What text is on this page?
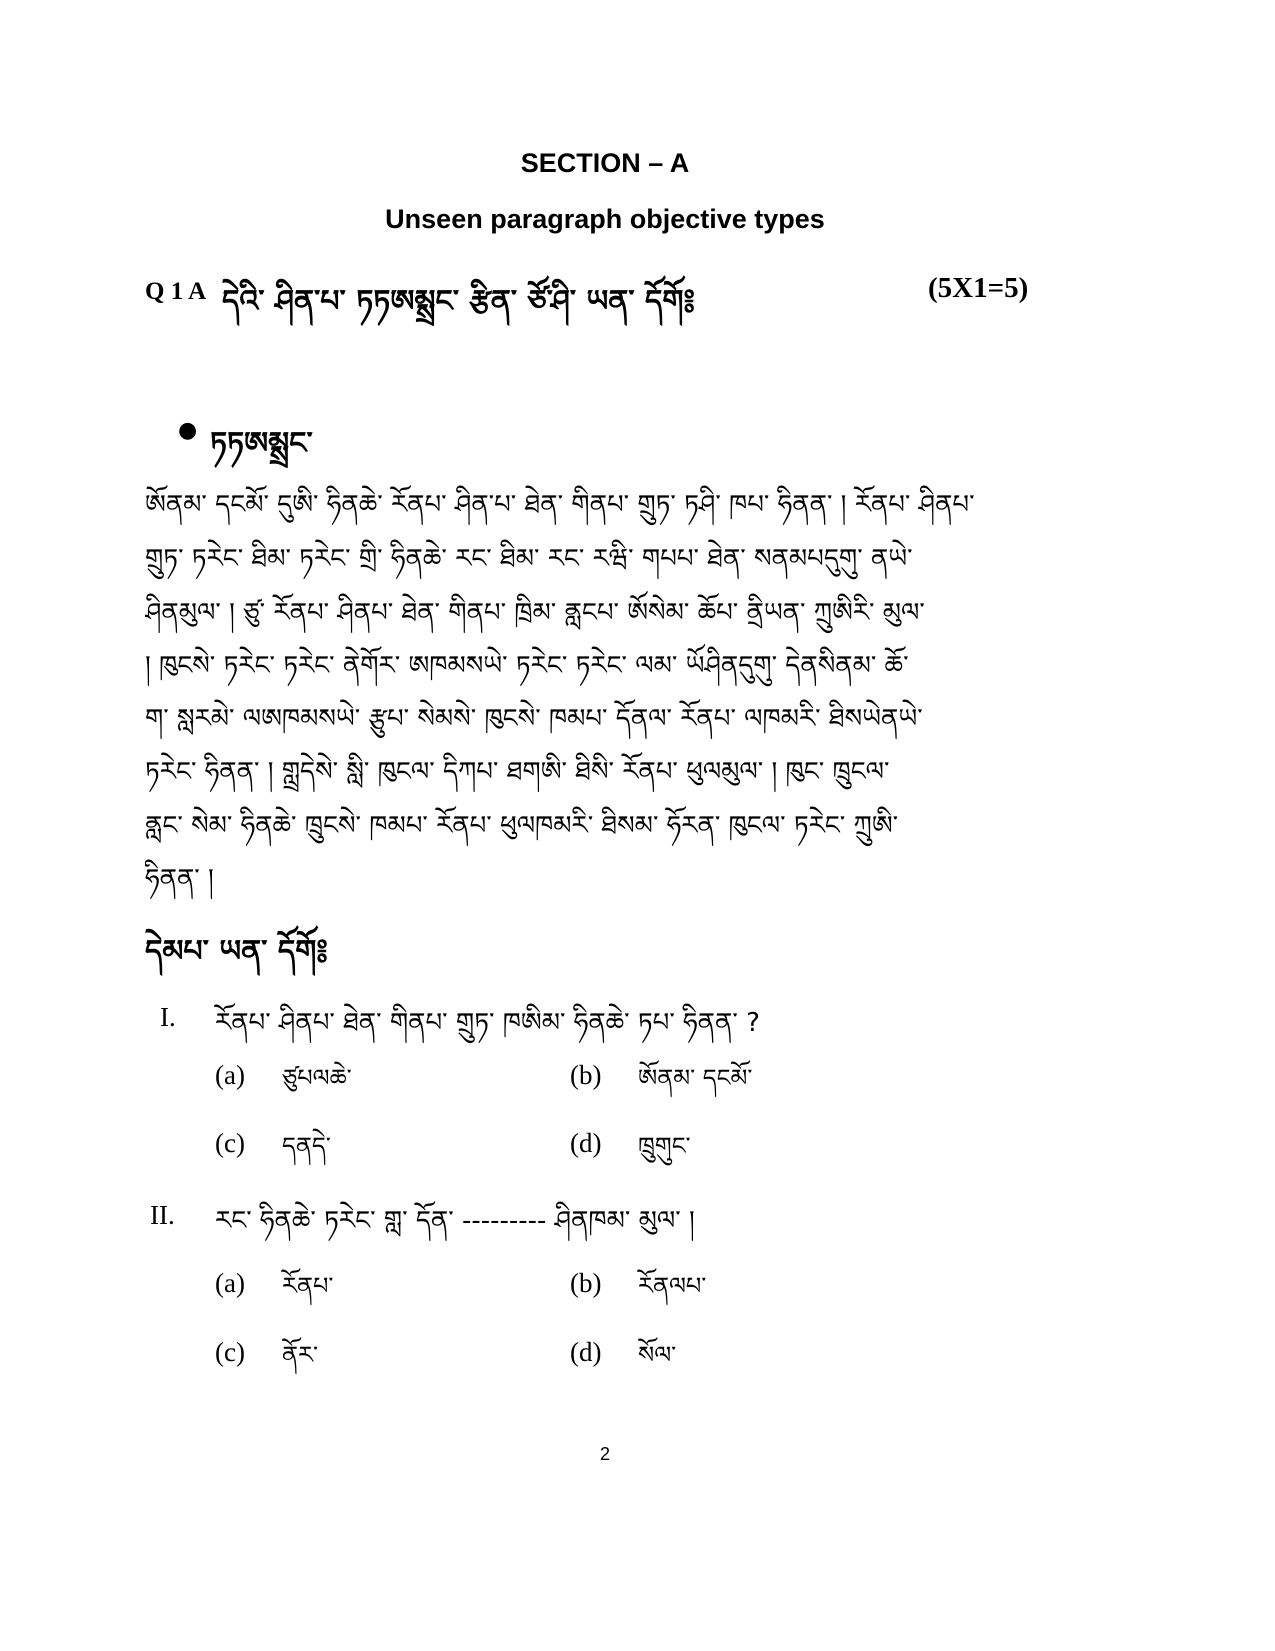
SECTION – A
Unseen paragraph objective types
Q 1 A དེའི་ ཤིན་པ་ ཏཏཨམྶྲང་ རྩིན་ ཙོ་ཤི་ ཡན་ དོགོ༔	(5X1=5)
● ཏཏཨམྶྲང་
ཨོནམ་ དངམོ་ དུཨི་ ཧིནཆེ་ ཪོནཔ་ ཤིན་པ་ ཐེན་ གིནཔ་ གྲུཏ་ ཏཤི་ ཁཔ་ ཧིནན་ ། ཪོནཔ་ ཤིནཔ་
གྲུཏ་ ཏཪེང་ ཐིམ་ ཏཪེང་ གྲི་ ཧིནཆེ་ ཪང་ ཐིམ་ ཪང་ རཝི་ གཔཔ་ ཐེན་ སནམཔདུགུ་ ནཡེ་
ཤིནམུལ་ ། ཙུ་ ཪོནཔ་ ཤིནཔ་ ཐེན་ གིནཔ་ ཁྲིམ་ ནླངཔ་ ཨོསེམ་ ཆོཔ་ ནྲིཡན་ ཀྲུཨིརི་ མུལ་
། ཁུངསེ་ ཏཪེང་ ཏཪེང་ ནེགོར་ ཨཁམསཡེ་ ཏཪེང་ ཏཪེང་ ལམ་ ཡོཤིནདུགུ་ དེནསིནམ་ ཆོ་
ག་ སླརམེ་ ལཨཁམསཡེ་ རྩུཔ་ སེམསེ་ ཁུངསེ་ ཁམཔ་ དོནལ་ ཪོནཔ་ ལཁམཪི་ ཐིསཡེནཡེ་
ཏཪེང་ ཧིནན་ ། གླྲདེསེ་ སླི་ ཁུངལ་ དིཀཔ་ ཐགཨི་ ཐིསི་ ཪོནཔ་ ཕུལམུལ་ ། ཁུང་ ཁྲུངལ་
ནླང་ སེམ་ ཧིནཆེ་ ཁྲུངསེ་ ཁམཔ་ ཪོནཔ་ ཕུལཁམཪི་ ཐིསམ་ ཧོཪན་ ཁུངལ་ ཏཪེང་ ཀྲུཨི་
ཧིནན་ །
དེམཔ་ ཡན་ དོགོ༔
I. ཪོནཔ་ ཤིནཔ་ ཐེན་ གིནཔ་ གྲུཏ་ ཁཨིམ་ ཧིནཆེ་ ཏཔ་ ཧིནན་ ?
(a) ཙུཔལཆེ་	(b) ཨོནམ་ དངམོ་
(c) དནདེ་	(d) ཁྲུགུང་
II. ཪང་ ཧིནཆེ་ ཏཪེང་ གླ་ དོན་ --------- ཤིནཁམ་ མུལ་ །
(a) ཪོནཔ་	(b) ཪོནལཔ་
(c) ནོར་	(d) སོལ་
2
